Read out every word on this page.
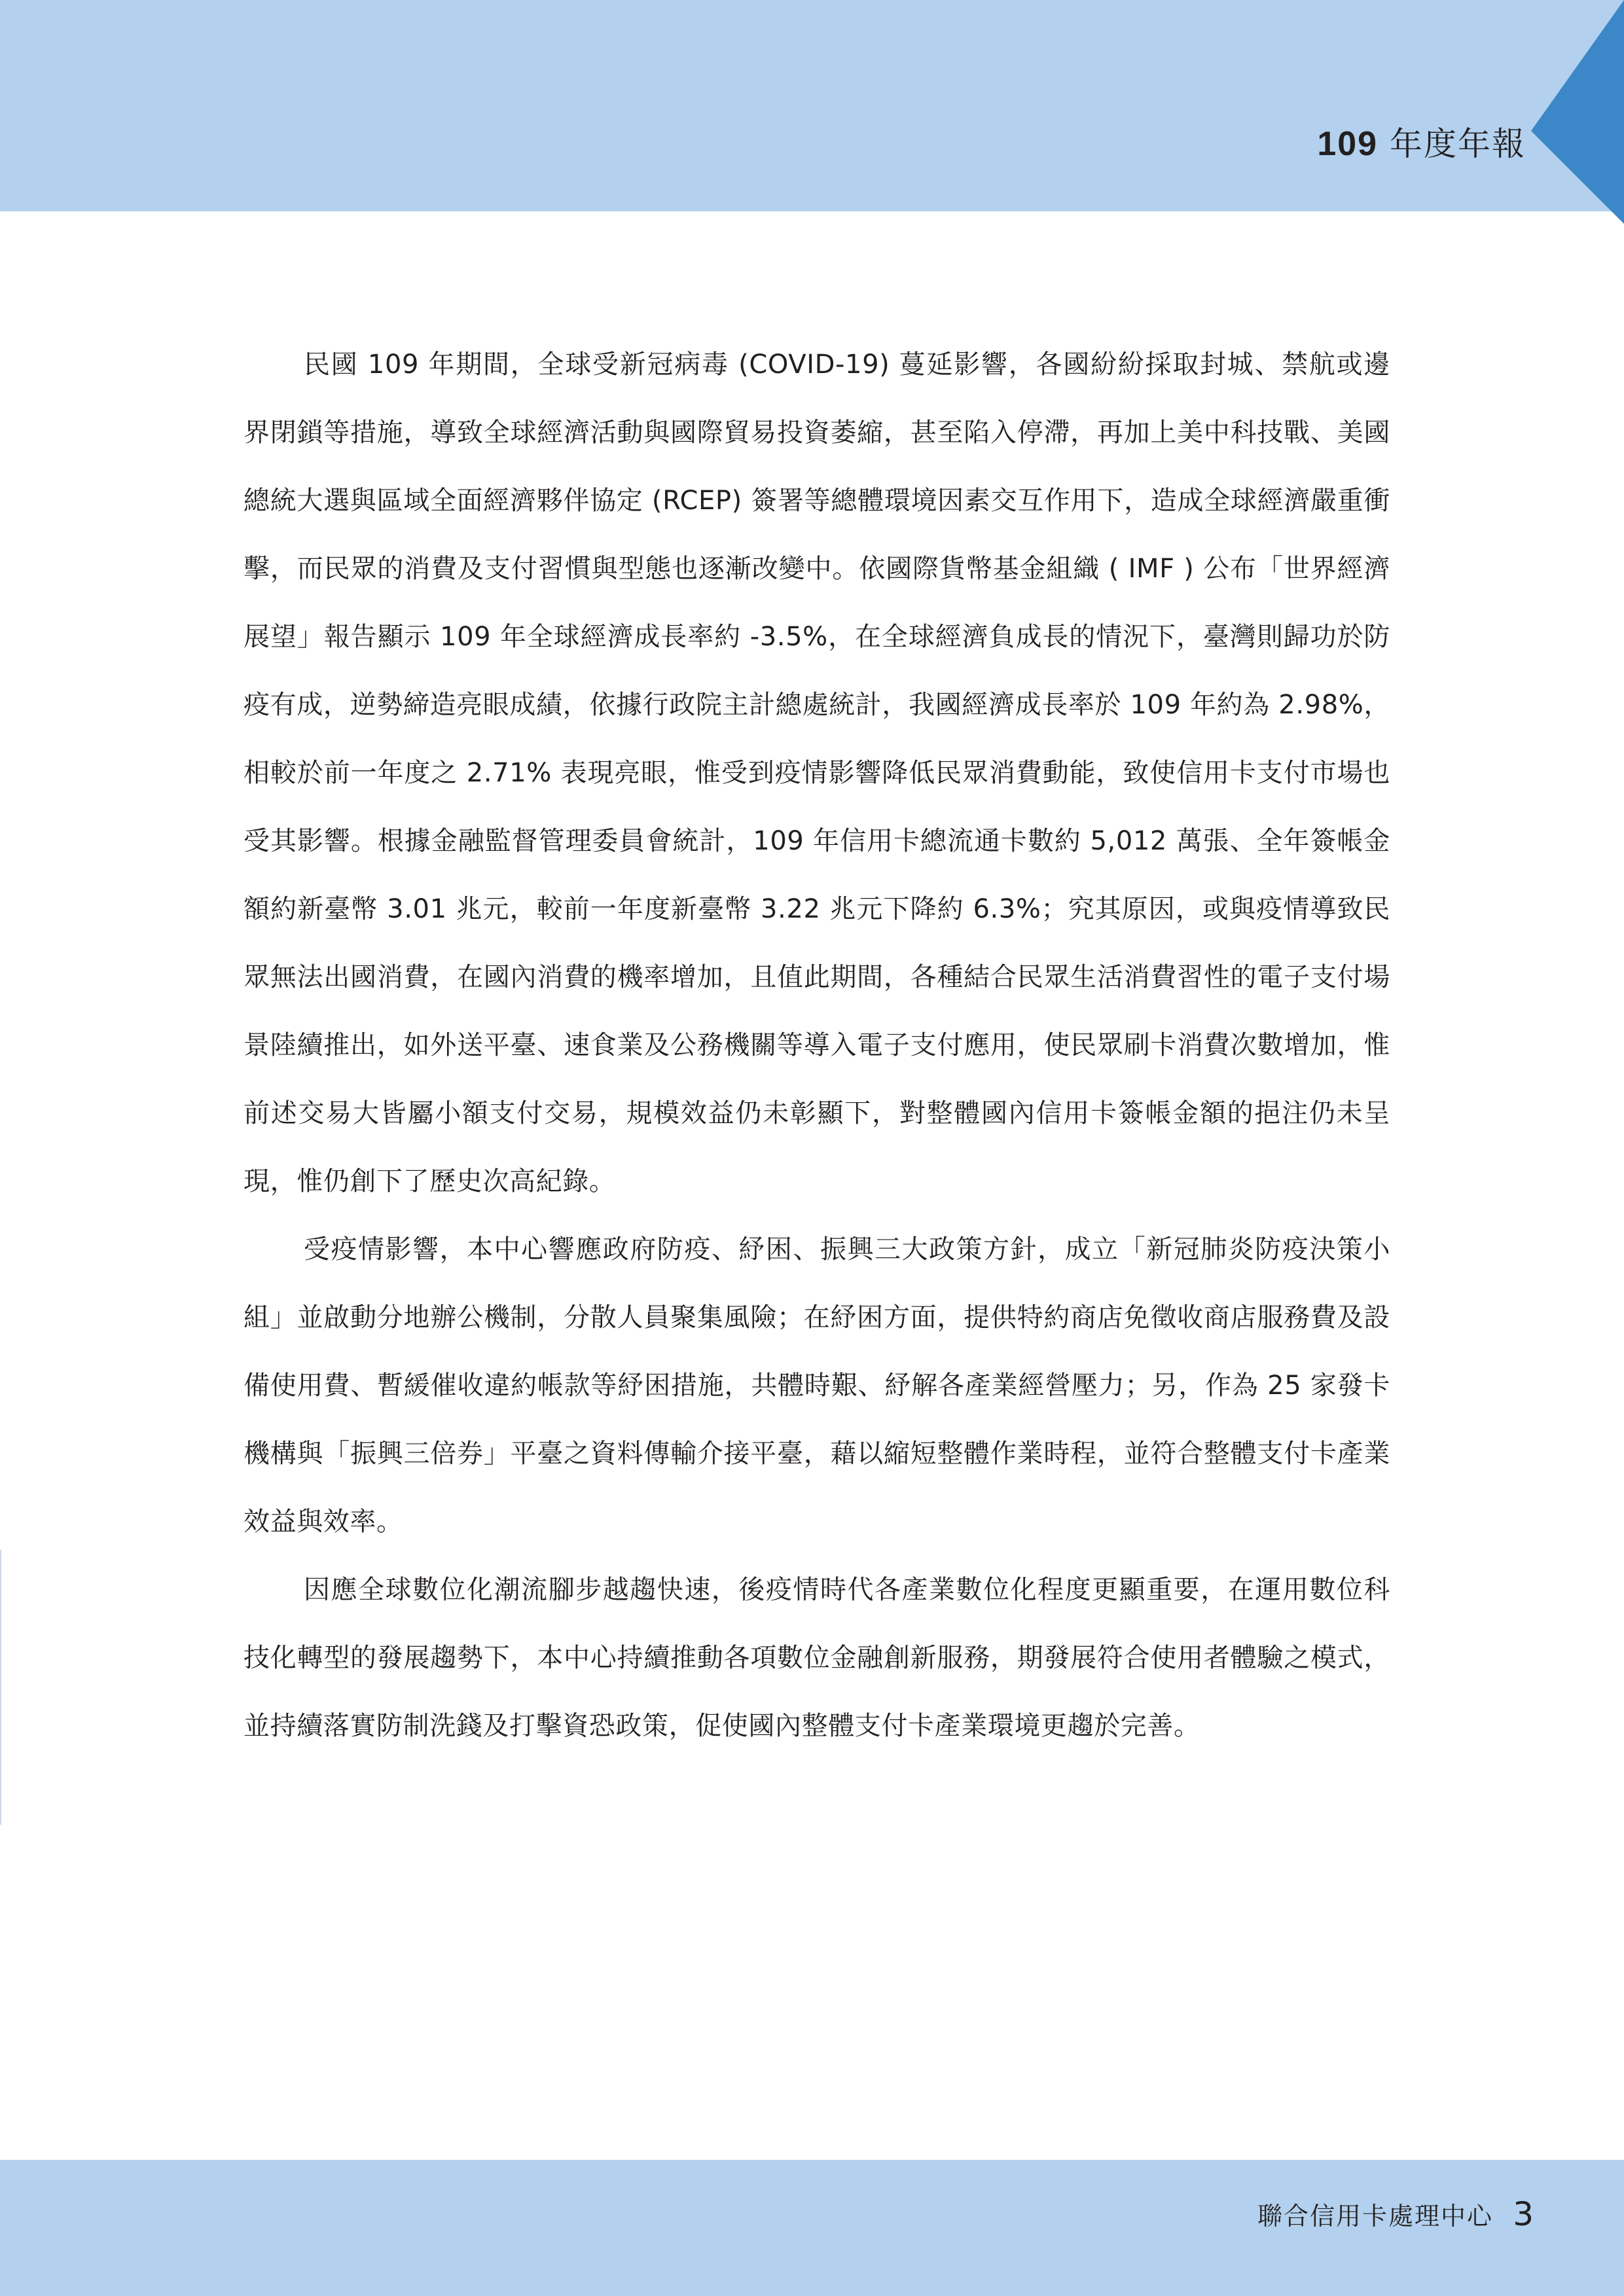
109 年度年報

民國 109 年期間，全球受新冠病毒 (COVID-19) 蔓延影響，各國紛紛採取封城、禁航或邊界閉鎖等措施，導致全球經濟活動與國際貿易投資萎縮，甚至陷入停滯，再加上美中科技戰、美國總統大選與區域全面經濟夥伴協定 (RCEP) 簽署等總體環境因素交互作用下，造成全球經濟嚴重衝擊，而民眾的消費及支付習慣與型態也逐漸改變中。依國際貨幣基金組織 ( IMF ) 公布「世界經濟展望」報告顯示 109 年全球經濟成長率約 -3.5%，在全球經濟負成長的情況下，臺灣則歸功於防疫有成，逆勢締造亮眼成績，依據行政院主計總處統計，我國經濟成長率於 109 年約為 2.98%，相較於前一年度之 2.71% 表現亮眼，惟受到疫情影響降低民眾消費動能，致使信用卡支付市場也受其影響。根據金融監督管理委員會統計，109 年信用卡總流通卡數約 5,012 萬張、全年簽帳金額約新臺幣 3.01 兆元，較前一年度新臺幣 3.22 兆元下降約 6.3%；究其原因，或與疫情導致民眾無法出國消費，在國內消費的機率增加，且值此期間，各種結合民眾生活消費習性的電子支付場景陸續推出，如外送平臺、速食業及公務機關等導入電子支付應用，使民眾刷卡消費次數增加，惟前述交易大皆屬小額支付交易，規模效益仍未彰顯下，對整體國內信用卡簽帳金額的挹注仍未呈現，惟仍創下了歷史次高紀錄。

受疫情影響，本中心響應政府防疫、紓困、振興三大政策方針，成立「新冠肺炎防疫決策小組」並啟動分地辦公機制，分散人員聚集風險；在紓困方面，提供特約商店免徵收商店服務費及設備使用費、暫緩催收違約帳款等紓困措施，共體時艱、紓解各產業經營壓力；另，作為 25 家發卡機構與「振興三倍券」平臺之資料傳輸介接平臺，藉以縮短整體作業時程，並符合整體支付卡產業效益與效率。

因應全球數位化潮流腳步越趨快速，後疫情時代各產業數位化程度更顯重要，在運用數位科技化轉型的發展趨勢下，本中心持續推動各項數位金融創新服務，期發展符合使用者體驗之模式，並持續落實防制洗錢及打擊資恐政策，促使國內整體支付卡產業環境更趨於完善。

聯合信用卡處理中心 3
